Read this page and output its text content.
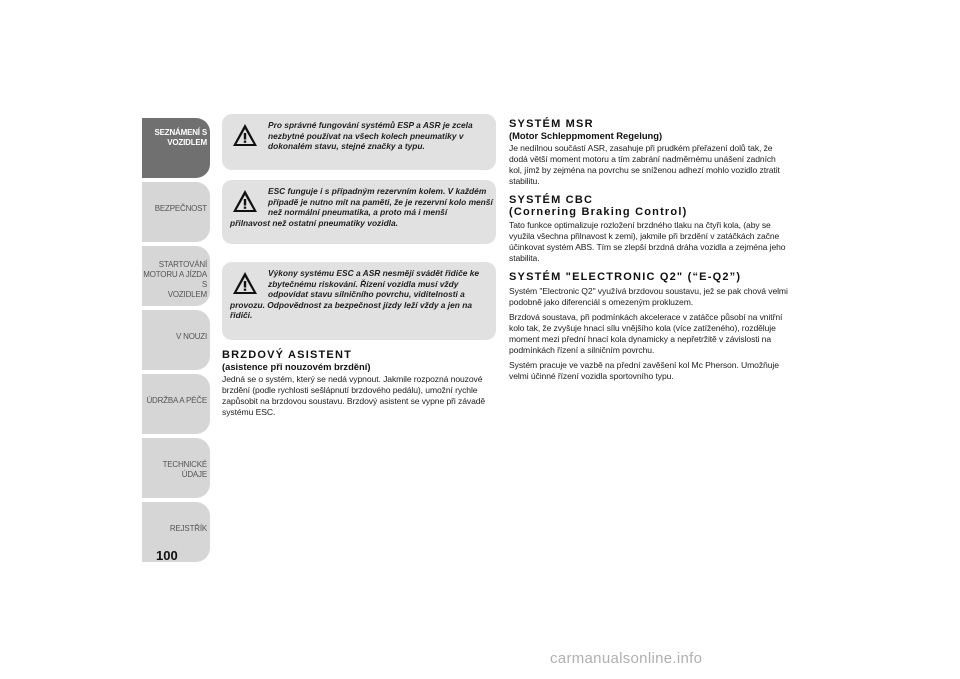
SEZNÁMENÍ S
VOZIDLEM
BEZPEČNOST
STARTOVÁNÍ
MOTORU A JÍZDA S
VOZIDLEM
V NOUZI
ÚDRŽBA A PÉČE
TECHNICKÉ ÚDAJE
REJSTŘÍK
100
Pro správné fungování systémů ESP a ASR je zcela nezbytné používat na všech kolech pneumatiky v dokonalém stavu, stejné značky a typu.
ESC funguje i s případným rezervním kolem. V každém případě je nutno mít na paměti, že je rezervní kolo menší než normální pneumatika, a proto má i menší
přilnavost než ostatní pneumatiky vozidla.
Výkony systému ESC a ASR nesmějí svádět řidiče ke zbytečnému riskování. Řízení vozidla musí vždy odpovídat stavu silničního povrchu, viditelnosti a
provozu. Odpovědnost za bezpečnost jízdy leží vždy a jen na řidiči.
BRZDOVÝ ASISTENT
(asistence při nouzovém brzdění)

Jedná se o systém, který se nedá vypnout. Jakmile rozpozná nouzové brzdění (podle rychlosti sešlápnutí brzdového pedálu), umožní rychle zapůsobit na brzdovou soustavu. Brzdový asistent se vypne při závadě systému ESC.

SYSTÉM MSR
(Motor Schleppmoment Regelung)

Je nedílnou součástí ASR, zasahuje při prudkém přeřazení dolů tak, že dodá větší moment motoru a tím zabrání nadměrnému unášení zadních kol, jímž by zejména na povrchu se sníženou adhezí mohlo vozidlo ztratit stabilitu.

SYSTÉM CBC
(Cornering Braking Control)

Tato funkce optimalizuje rozložení brzdného tlaku na čtyři kola, (aby se využila všechna přilnavost k zemi), jakmile při brzdění v zatáčkách začne účinkovat systém ABS. Tím se zlepší brzdná dráha vozidla a zejména jeho stabilita.

SYSTÉM "ELECTRONIC Q2" (“E-Q2”)

Systém "Electronic Q2" využívá brzdovou soustavu, jež se pak chová velmi podobně jako diferenciál s omezeným prokluzem.

Brzdová soustava, při podmínkách akcelerace v zatáčce působí na vnitřní kolo tak, že zvyšuje hnací sílu vnějšího kola (více zatíženého), rozděluje moment mezi přední hnací kola dynamicky a nepřetržitě v závislosti na podmínkách řízení a silničním povrchu.

Systém pracuje ve vazbě na přední zavěšení kol Mc Pherson. Umožňuje velmi účinné řízení vozidla sportovního typu.

carmanualsonline.info
